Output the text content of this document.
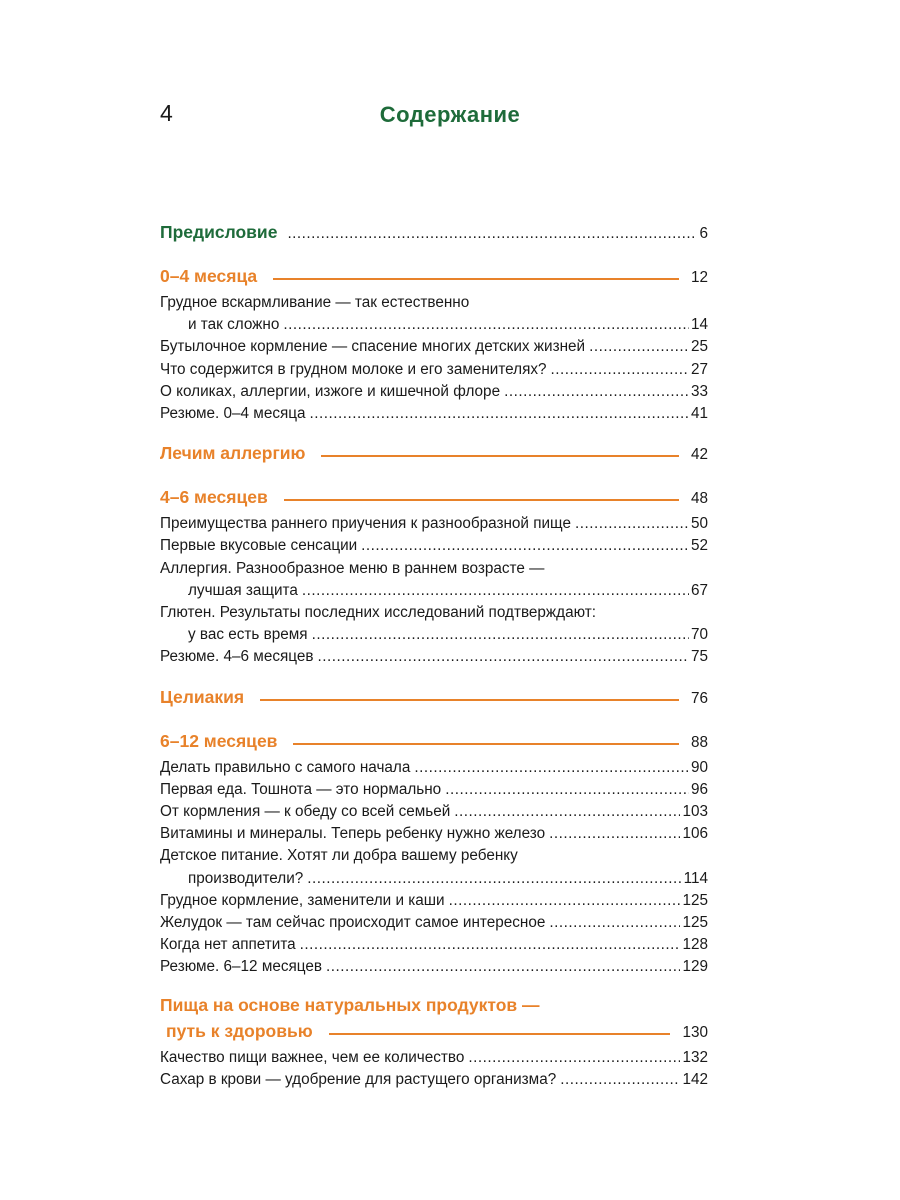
4	Содержание
Предисловие .....	6
0–4 месяца	12
Грудное вскармливание — так естественно
и так сложно .....	14
Бутылочное кормление — спасение многих детских жизней .....	25
Что содержится в грудном молоке и его заменителях? .....	27
О коликах, аллергии, изжоге и кишечной флоре .....	33
Резюме. 0–4 месяца .....	41
Лечим аллергию	42
4–6 месяцев	48
Преимущества раннего приучения к разнообразной пище .....	50
Первые вкусовые сенсации .....	52
Аллергия. Разнообразное меню в раннем возрасте —
лучшая защита .....	67
Глютен. Результаты последних исследований подтверждают:
у вас есть время .....	70
Резюме. 4–6 месяцев .....	75
Целиакия	76
6–12 месяцев	88
Делать правильно с самого начала .....	90
Первая еда. Тошнота — это нормально .....	96
От кормления — к обеду со всей семьей .....	103
Витамины и минералы. Теперь ребенку нужно железо .....	106
Детское питание. Хотят ли добра вашему ребенку
производители? .....	114
Грудное кормление, заменители и каши .....	125
Желудок — там сейчас происходит самое интересное .....	125
Когда нет аппетита .....	128
Резюме. 6–12 месяцев .....	129
Пища на основе натуральных продуктов —
путь к здоровью	130
Качество пищи важнее, чем ее количество .....	132
Сахар в крови — удобрение для растущего организма? .....	142
